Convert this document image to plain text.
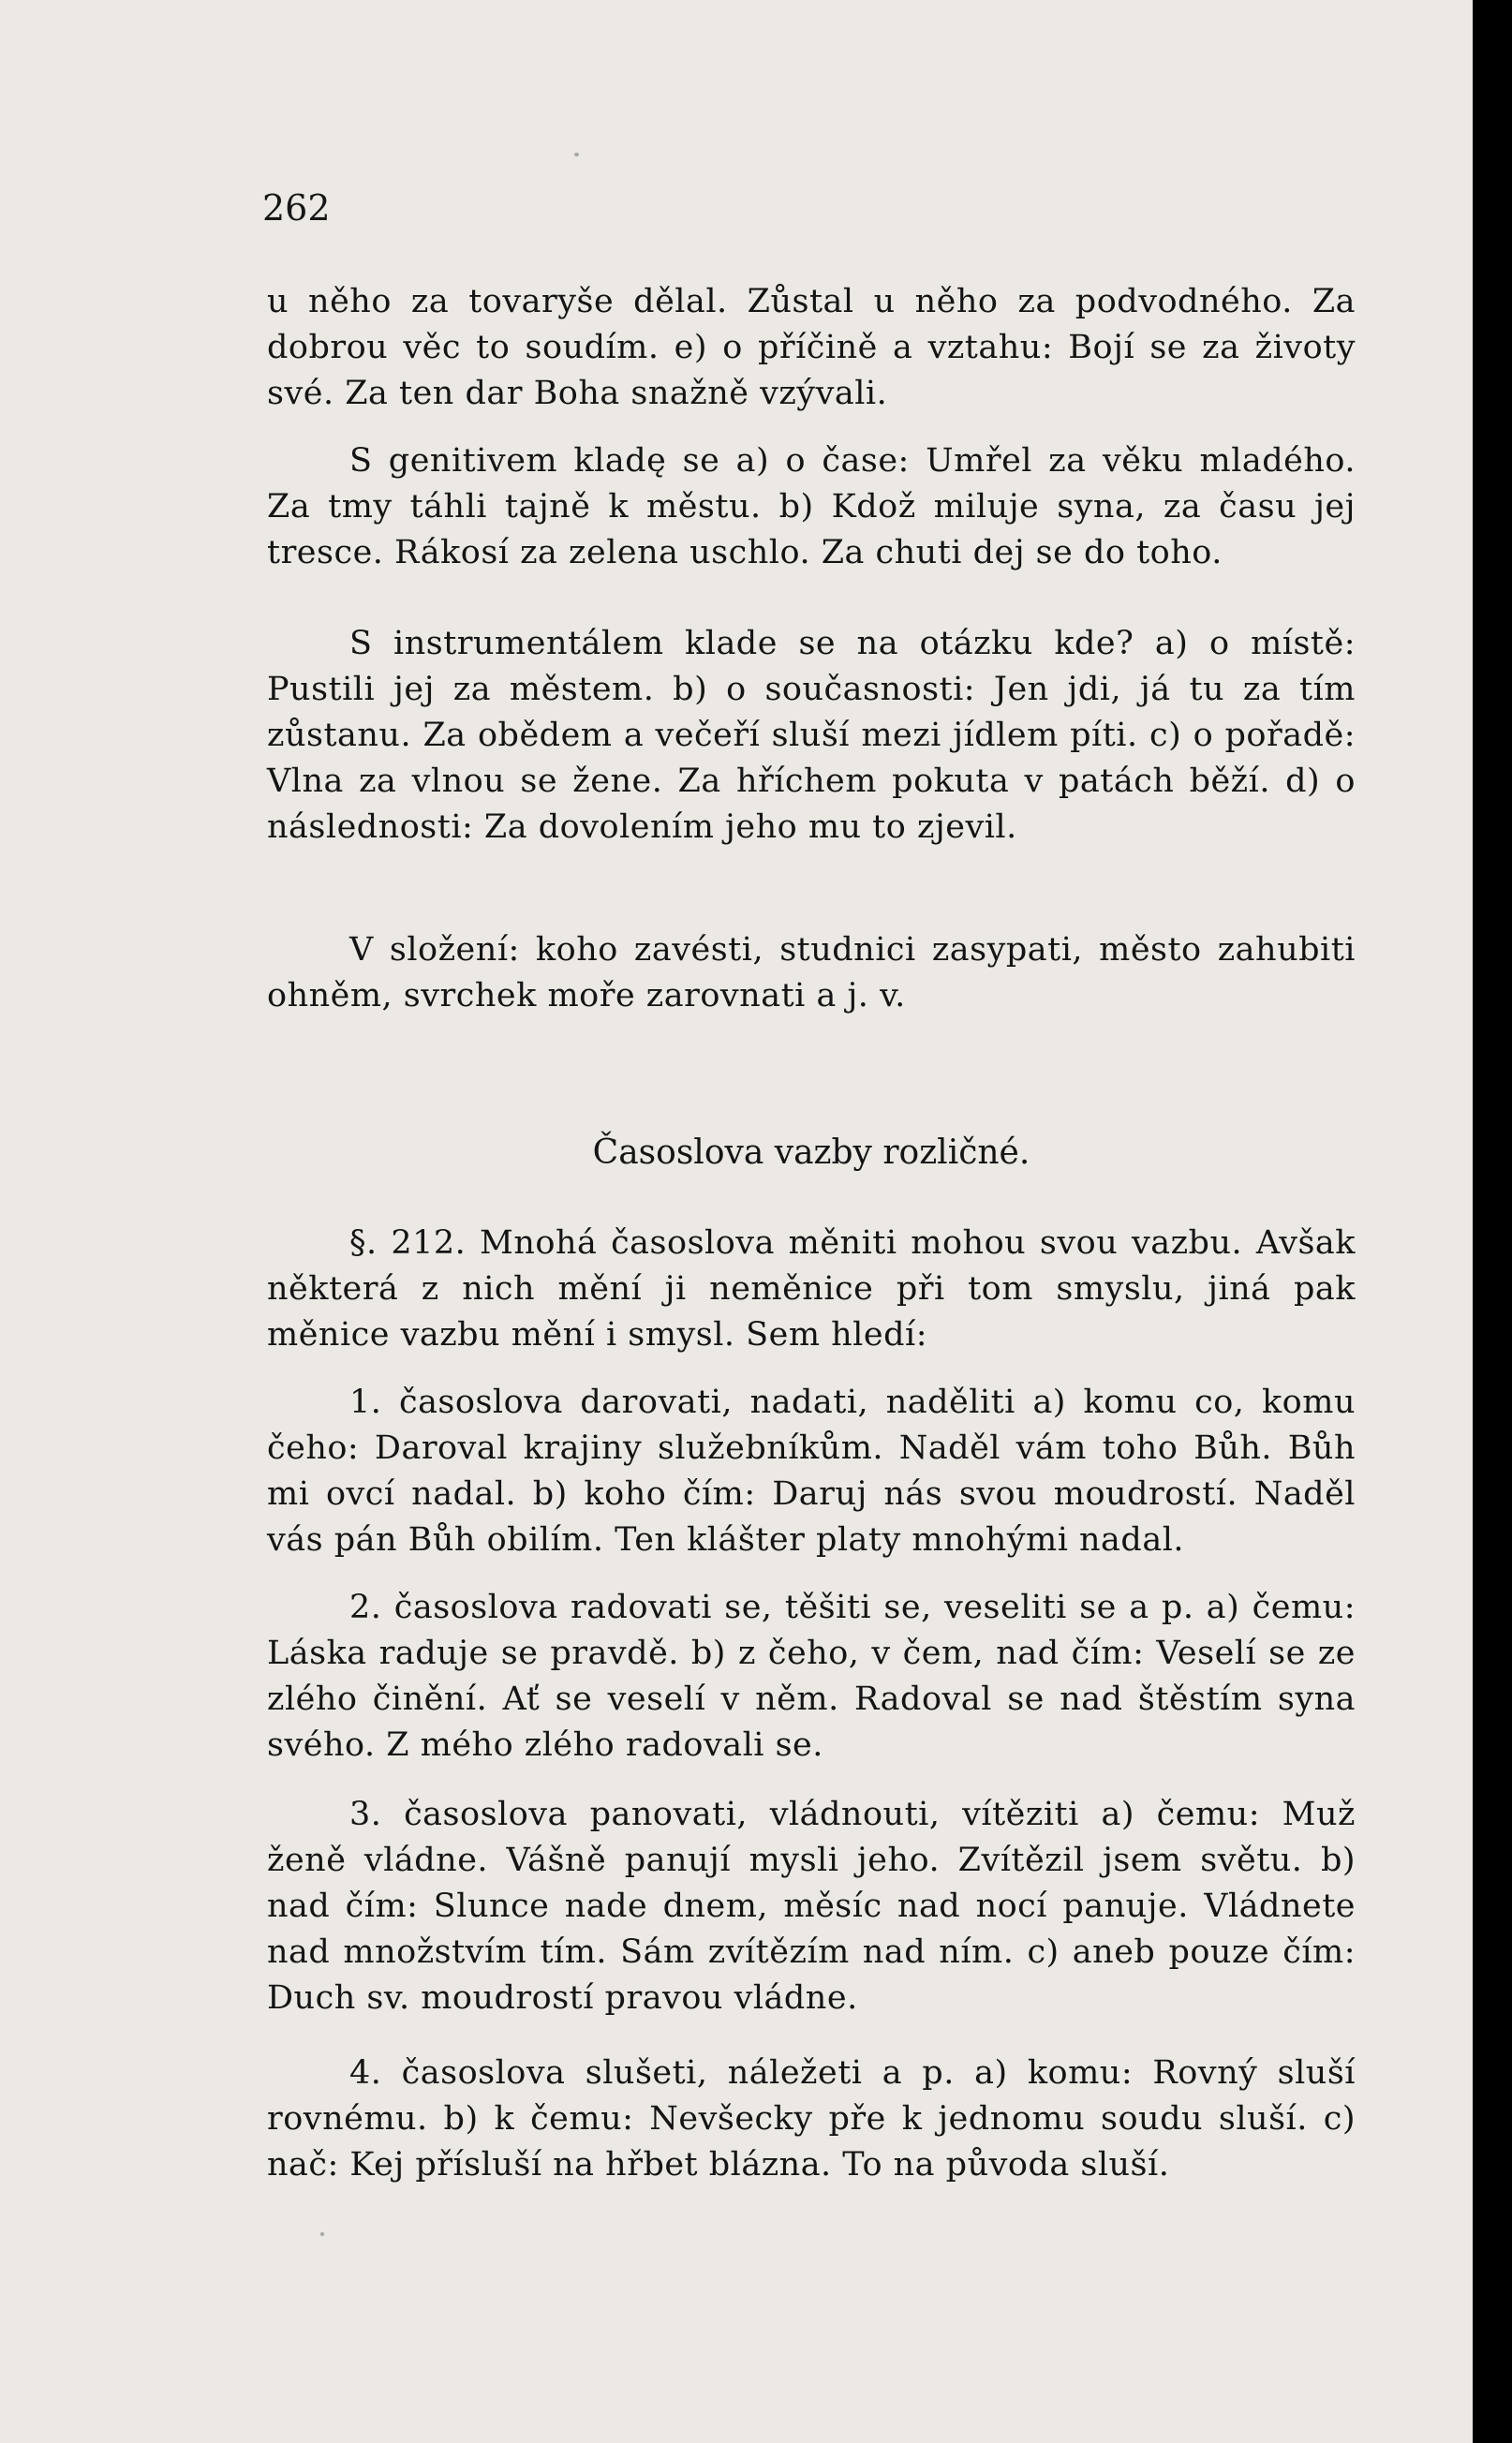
262

u něho za tovaryše dělal. Zůstal u něho za podvodného. Za dobrou věc to soudím. e) o příčině a vztahu: Bojí se za životy své. Za ten dar Boha snažně vzývali.

S genitivem kladę se a) o čase: Umřel za věku mladého. Za tmy táhli tajně k městu. b) Kdož miluje syna, za času jej tresce. Rákosí za zelena uschlo. Za chuti dej se do toho.

S instrumentálem klade se na otázku kde? a) o místě: Pustili jej za městem. b) o současnosti: Jen jdi, já tu za tím zůstanu. Za obědem a večeří sluší mezi jídlem píti. c) o pořadě: Vlna za vlnou se žene. Za hříchem pokuta v patách běží. d) o následnosti: Za dovolením jeho mu to zjevil.

V složení: koho zavésti, studnici zasypati, město zahubiti ohněm, svrchek moře zarovnati a j. v.

Časoslova vazby rozličné.

§. 212. Mnohá časoslova měniti mohou svou vazbu. Avšak některá z nich mění ji neměnice při tom smyslu, jiná pak měnice vazbu mění i smysl. Sem hledí:

1. časoslova darovati, nadati, naděliti a) komu co, komu čeho: Daroval krajiny služebníkům. Naděl vám toho Bůh. Bůh mi ovcí nadal. b) koho čím: Daruj nás svou moudrostí. Naděl vás pán Bůh obilím. Ten klášter platy mnohými nadal.

2. časoslova radovati se, těšiti se, veseliti se a p. a) čemu: Láska raduje se pravdě. b) z čeho, v čem, nad čím: Veselí se ze zlého činění. Ať se veselí v něm. Radoval se nad štěstím syna svého. Z mého zlého radovali se.

3. časoslova panovati, vládnouti, vítěziti a) čemu: Muž ženě vládne. Vášně panují mysli jeho. Zvítězil jsem světu. b) nad čím: Slunce nade dnem, měsíc nad nocí panuje. Vládnete nad množstvím tím. Sám zvítězím nad ním. c) aneb pouze čím: Duch sv. moudrostí pravou vládne.

4. časoslova slušeti, náležeti a p. a) komu: Rovný sluší rovnému. b) k čemu: Nevšecky pře k jednomu soudu sluší. c) nač: Kej přísluší na hřbet blázna. To na původa sluší.
